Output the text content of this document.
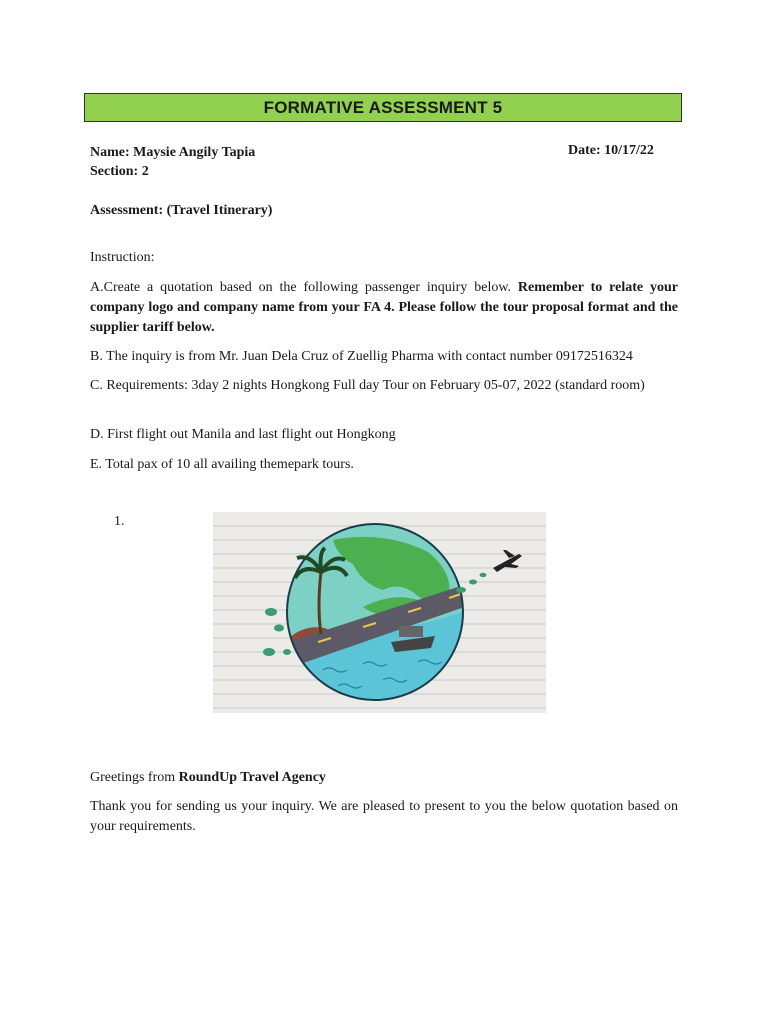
FORMATIVE ASSESSMENT 5
Name: Maysie Angily Tapia	Date: 10/17/22
Section: 2
Assessment: (Travel Itinerary)
Instruction:
A.Create a quotation based on the following passenger inquiry below. Remember to relate your company logo and company name from your FA 4. Please follow the tour proposal format and the supplier tariff below.
B. The inquiry is from Mr. Juan Dela Cruz of Zuellig Pharma with contact number 09172516324
C. Requirements: 3day 2 nights Hongkong Full day Tour on February 05-07, 2022 (standard room)
D. First flight out Manila and last flight out Hongkong
E. Total pax of 10 all availing themepark tours.
1.
Greetings from RoundUp Travel Agency
Thank you for sending us your inquiry. We are pleased to present to you the below quotation based on your requirements.
